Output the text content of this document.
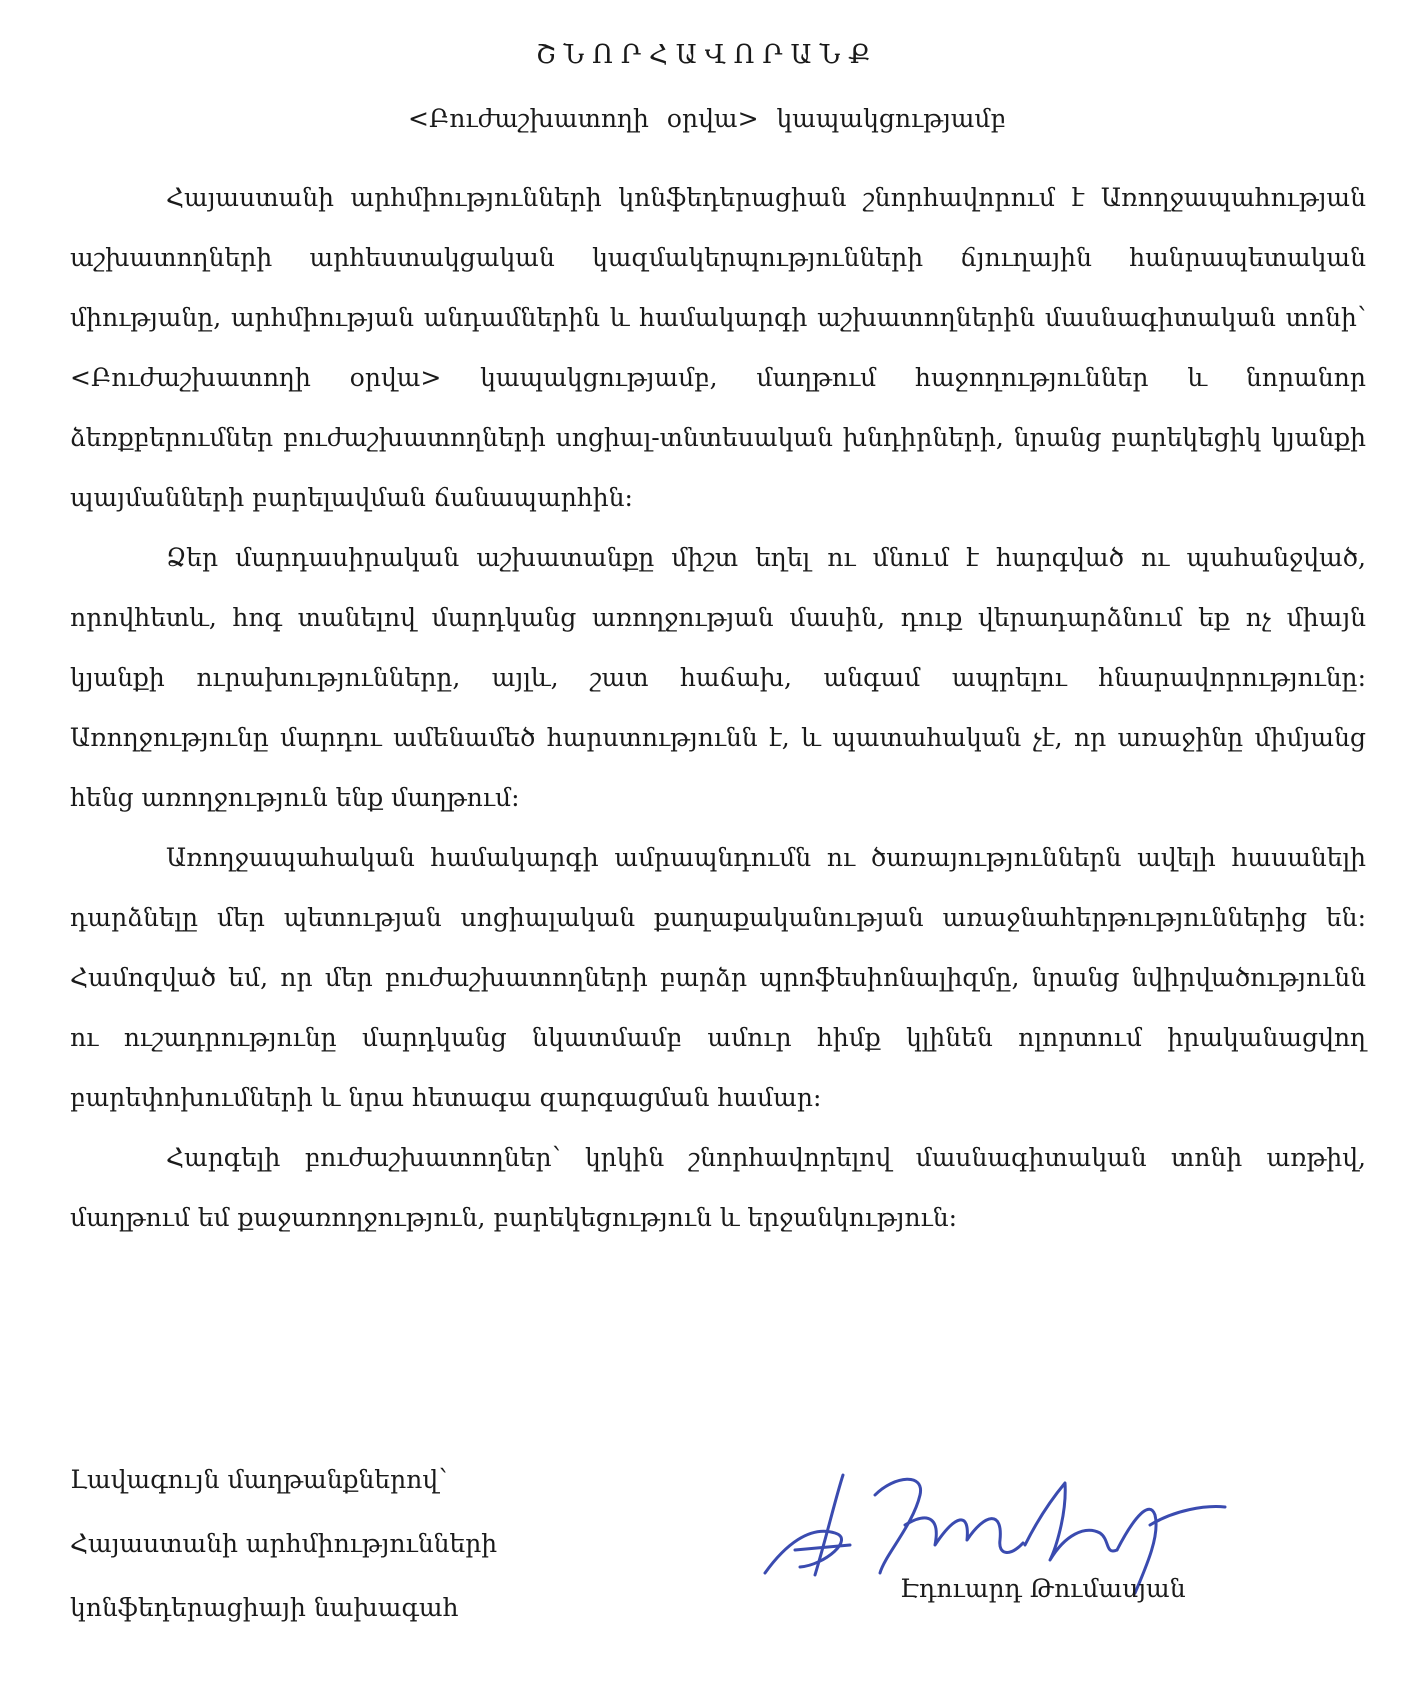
ՇՆՈՐՀԱՎՈՐԱՆՔ
<Բուժաշխատողի օրվա> կապակցությամբ

Հայաստանի արհմիությունների կոնֆեդերացիան շնորհավորում է Առողջապահության աշխատողների արհեստակցական կազմակերպությունների ճյուղային հանրապետական միությանը, արհմիության անդամներին և համակարգի աշխատողներին մասնագիտական տոնի՝ <Բուժաշխատողի օրվա> կապակցությամբ, մաղթում հաջողություններ և նորանոր ձեռքբերումներ բուժաշխատողների սոցիալ-տնտեսական խնդիրների, նրանց բարեկեցիկ կյանքի պայմանների բարելավման ճանապարհին:

Ձեր մարդասիրական աշխատանքը միշտ եղել ու մնում է հարգված ու պահանջված, որովհետև, հոգ տանելով մարդկանց առողջության մասին, դուք վերադարձնում եք ոչ միայն կյանքի ուրախությունները, այլև, շատ հաճախ, անգամ ապրելու հնարավորությունը: Առողջությունը մարդու ամենամեծ հարստությունն է, և պատահական չէ, որ առաջինը միմյանց հենց առողջություն ենք մաղթում:

Առողջապահական համակարգի ամրապնդումն ու ծառայություններն ավելի հասանելի դարձնելը մեր պետության սոցիալական քաղաքականության առաջնահերթություններից են: Համոզված եմ, որ մեր բուժաշխատողների բարձր պրոֆեսիոնալիզմը, նրանց նվիրվածությունն ու ուշադրությունը մարդկանց նկատմամբ ամուր հիմք կլինեն ոլորտում իրականացվող բարեփոխումների և նրա հետագա զարգացման համար:

Հարգելի բուժաշխատողներ՝ կրկին շնորհավորելով մասնագիտական տոնի առթիվ, մաղթում եմ քաջառողջություն, բարեկեցություն և երջանկություն:

Լավագույն մաղթանքներով՝
Հայաստանի արհմիությունների
կոնֆեդերացիայի նախագահ
Էդուարդ Թումասյան
